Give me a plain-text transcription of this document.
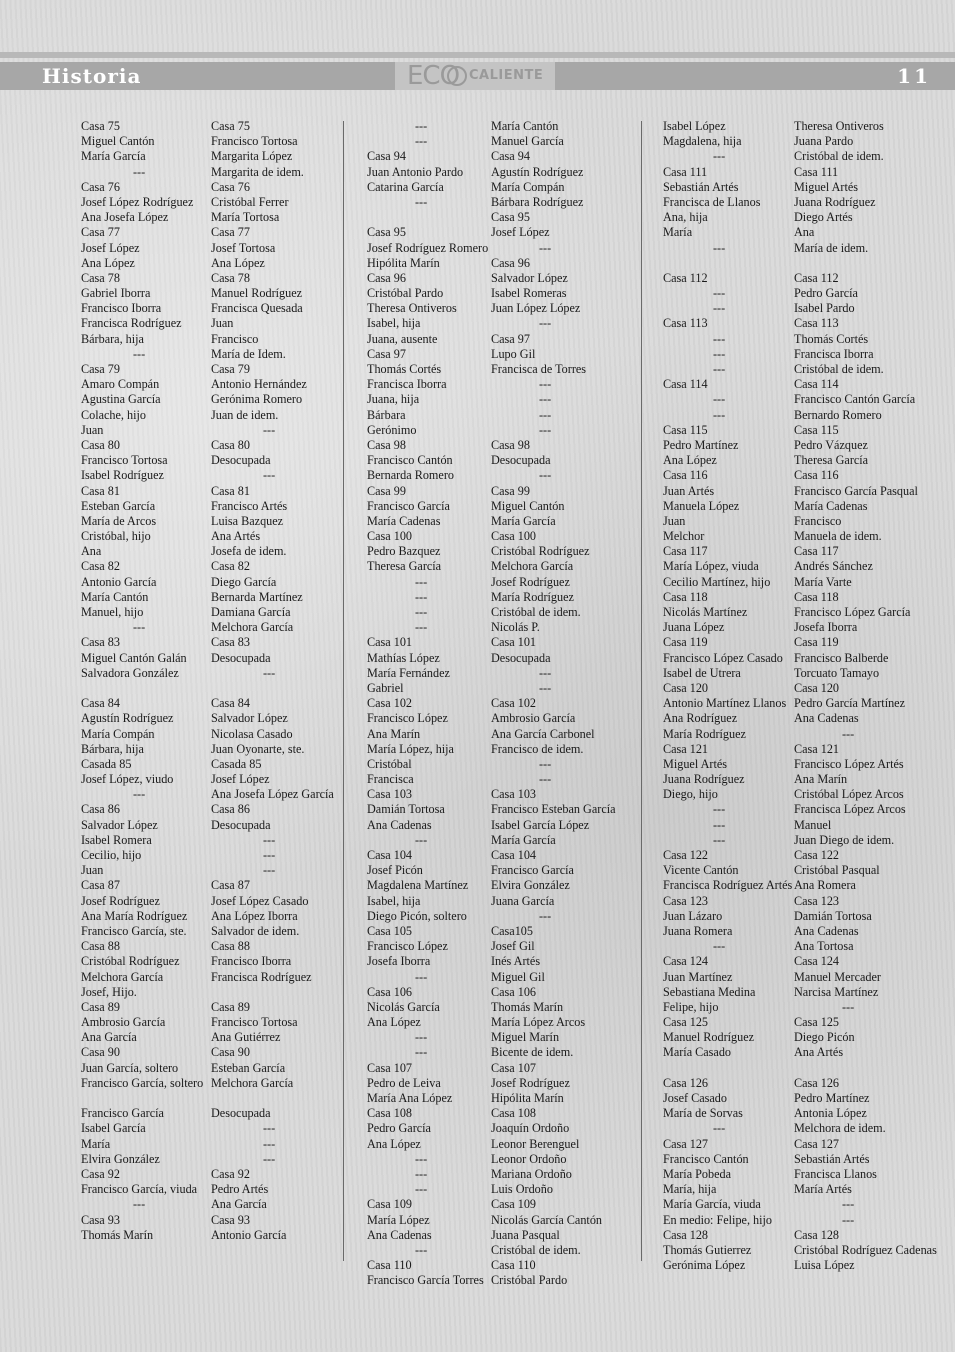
Historia	ECO CALIENTE	11
Casa 75
Miguel Cantón
María García
---
Casa 76
Josef López Rodríguez
Ana Josefa López
Casa 77
Josef López
Ana López
Casa 78
Gabriel Iborra
Francisco Iborra
Francisca Rodríguez
Bárbara, hija
---
Casa 79
Amaro Compán
Agustina García
Colache, hijo
Juan
Casa 80
Francisco Tortosa
Isabel Rodríguez
Casa 81
Esteban García
María de Arcos
Cristóbal, hijo
Ana
Casa 82
Antonio García
María Cantón
Manuel, hijo
---
Casa 83
Miguel Cantón Galán
Salvadora González
Casa 84
Agustín Rodríguez
María Compán
Bárbara, hija
Casada 85
Josef López, viudo
---
Casa 86
Salvador López
Isabel Romera
Cecilio, hijo
Juan
Casa 87
Josef Rodríguez
Ana María Rodríguez
Francisco García, ste.
Casa 88
Cristóbal Rodríguez
Melchora García
Josef, Hijo.
Casa 89
Ambrosio García
Ana García
Casa 90
Juan García, soltero
Francisco García, soltero
Francisco García
Isabel García
María
Elvira González
Casa 92
Francisco García, viuda
---
Casa 93
Thomás Marín
Casa 75
Francisco Tortosa
Margarita López
Margarita de idem.
Casa 76
Cristóbal Ferrer
María Tortosa
Casa 77
Josef Tortosa
Ana López
Casa 78
Manuel Rodríguez
Francisca Quesada
Juan
Francisco
María de Idem.
Casa 79
Antonio Hernández
Gerónima Romero
Juan de idem.
---
Casa 80
Desocupada
---
Casa 81
Francisco Artés
Luisa Bazquez
Ana Artés
Josefa de idem.
Casa 82
Diego García
Bernarda Martínez
Damiana García
Melchora García
Casa 83
Desocupada
---
Casa 84
Salvador López
Nicolasa Casado
Juan Oyonarte, ste.
Casada 85
Josef López
Ana Josefa López García
Casa 86
Desocupada
---
---
---
Casa 87
Josef López Casado
Ana López Iborra
Salvador de idem.
Casa 88
Francisco Iborra
Francisca Rodríguez
Casa 89
Francisco Tortosa
Ana Gutiérrez
Casa 90
Esteban García
Melchora García
Desocupada
---
---
---
Casa 92
Pedro Artés
Ana García
Casa 93
Antonio García
---
---
Casa 94
Juan Antonio Pardo
Catarina García
---
Casa 95
Josef Rodríguez Romero
Hipólita Marín
Casa 96
Cristóbal Pardo
Theresa Ontiveros
Isabel, hija
Juana, ausente
Casa 97
Thomás Cortés
Francisca Iborra
Juana, hija
Bárbara
Gerónimo
Casa 98
Francisco Cantón
Bernarda Romero
Casa 99
Francisco García
María Cadenas
Casa 100
Pedro Bazquez
Theresa García
---
---
---
---
Casa 101
Mathías López
María Fernández
Gabriel
Casa 102
Francisco López
Ana Marín
María López, hija
Cristóbal
Francisca
Casa 103
Damián Tortosa
Ana Cadenas
---
Casa 104
Josef Picón
Magdalena Martínez
Isabel, hija
Diego Picón, soltero
Casa 105
Francisco López
Josefa Iborra
---
Casa 106
Nicolás García
Ana López
---
---
Casa 107
Pedro de Leiva
María Ana López
Casa 108
Pedro García
Ana López
---
---
---
Casa 109
María López
Ana Cadenas
---
Casa 110
Francisco García Torres
María Cantón
Manuel García
Casa 94
Agustín Rodríguez
María Compán
Bárbara Rodríguez
Casa 95
Josef López
---
Casa 96
Salvador López
Isabel Romeras
Juan López López
---
Casa 97
Lupo Gil
Francisca de Torres
---
---
---
---
Casa 98
Desocupada
---
Casa 99
Miguel Cantón
María García
Casa 100
Cristóbal Rodríguez
Melchora García
Josef Rodríguez
María Rodríguez
Cristóbal de idem.
Nicolás P.
Casa 101
Desocupada
---
---
Casa 102
Ambrosio García
Ana García Carbonel
Francisco de idem.
---
---
Casa 103
Francisco Esteban García
Isabel García López
María García
Casa 104
Francisco García
Elvira González
Juana García
---
Casa105
Josef Gil
Inés Artés
Miguel Gil
Casa 106
Thomás Marín
María López Arcos
Miguel Marín
Bicente de idem.
Casa 107
Josef Rodríguez
Hipólita Marín
Casa 108
Joaquín Ordoño
Leonor Berenguel
Leonor Ordoño
Mariana Ordoño
Luis Ordoño
Casa 109
Nicolás García Cantón
Juana Pasqual
Cristóbal de idem.
Casa 110
Cristóbal Pardo
Isabel López
Magdalena, hija
---
Casa 111
Sebastián Artés
Francisca de Llanos
Ana, hija
María
---
Casa 112
---
---
Casa 113
---
---
---
Casa 114
---
---
Casa 115
Pedro Martínez
Ana López
Casa 116
Juan Artés
Manuela López
Juan
Melchor
Casa 117
María López, viuda
Cecilio Martínez, hijo
Casa 118
Nicolás Martínez
Juana López
Casa 119
Francisco López Casado
Isabel de Utrera
Casa 120
Antonio Martínez Llanos
Ana Rodríguez
María Rodríguez
Casa 121
Miguel Artés
Juana Rodríguez
Diego, hijo
---
---
---
Casa 122
Vicente Cantón
Francisca Rodríguez Artés
Casa 123
Juan Lázaro
Juana Romera
---
Casa 124
Juan Martínez
Sebastiana Medina
Felipe, hijo
Casa 125
Manuel Rodríguez
María Casado
Casa 126
Josef Casado
María de Sorvas
---
Casa 127
Francisco Cantón
María Pobeda
María, hija
María García, viuda
En medio: Felipe, hijo
Casa 128
Thomás Gutierrez
Gerónima López
Theresa Ontiveros
Juana Pardo
Cristóbal de idem.
Casa 111
Miguel Artés
Juana Rodríguez
Diego Artés
Ana
María de idem.
Casa 112
Pedro García
Isabel Pardo
Casa 113
Thomás Cortés
Francisca Iborra
Cristóbal de idem.
Casa 114
Francisco Cantón García
Bernardo Romero
Casa 115
Pedro Vázquez
Theresa García
Casa 116
Francisco García Pasqual
María Cadenas
Francisco
Manuela de idem.
Casa 117
Andrés Sánchez
María Varte
Casa 118
Francisco López García
Josefa Iborra
Casa 119
Francisco Balberde
Torcuato Tamayo
Casa 120
Pedro García Martínez
Ana Cadenas
---
Casa 121
Francisco López Artés
Ana Marín
Cristóbal López Arcos
Francisca López Arcos
Manuel
Juan Diego de idem.
Casa 122
Cristóbal Pasqual
Ana Romera
Casa 123
Damián Tortosa
Ana Cadenas
Ana Tortosa
Casa 124
Manuel Mercader
Narcisa Martínez
---
Casa 125
Diego Picón
Ana Artés
Casa 126
Pedro Martínez
Antonia López
Melchora de idem.
Casa 127
Sebastián Artés
Francisca Llanos
María Artés
---
---
Casa 128
Cristóbal Rodríguez Cadenas
Luisa López
